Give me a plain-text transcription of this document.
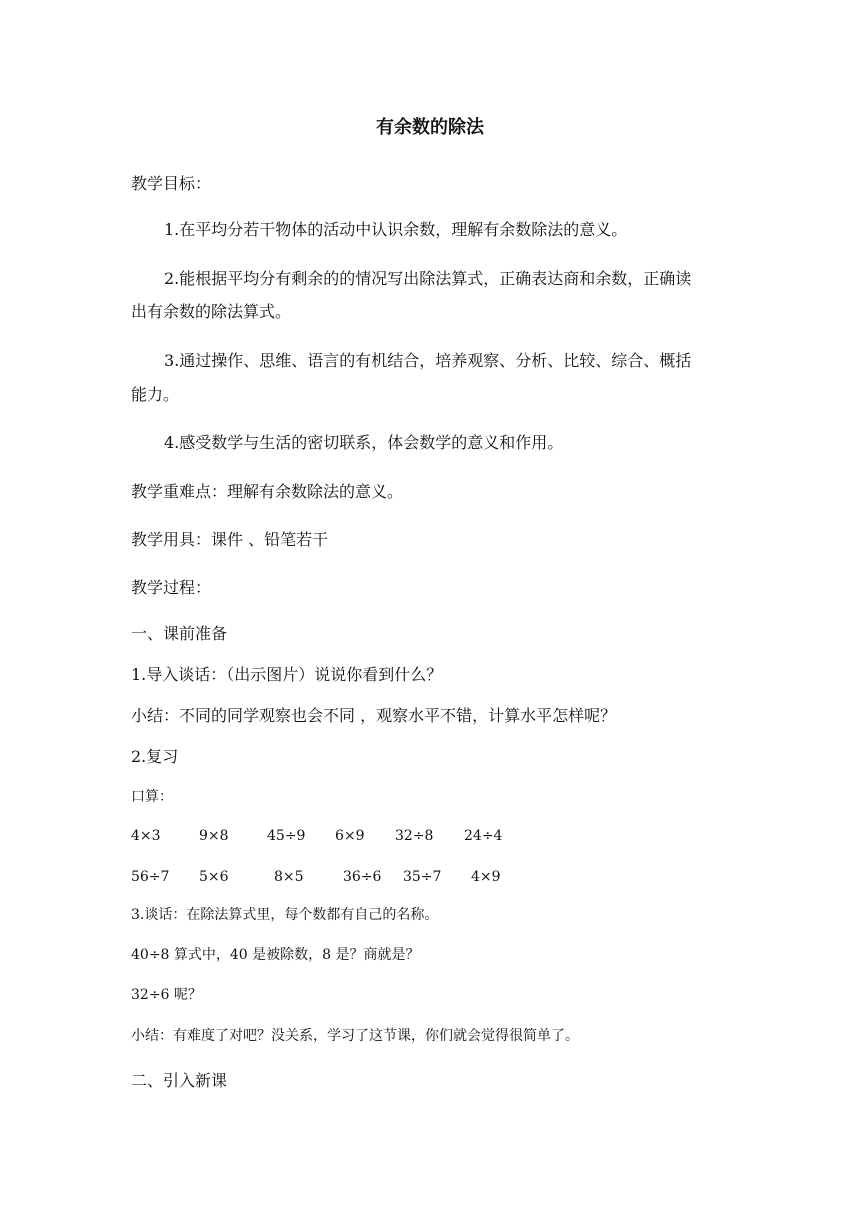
有余数的除法
教学目标：
1.在平均分若干物体的活动中认识余数，理解有余数除法的意义。
2.能根据平均分有剩余的的情况写出除法算式，正确表达商和余数，正确读
出有余数的除法算式。
3.通过操作、思维、语言的有机结合，培养观察、分析、比较、综合、概括
能力。
4.感受数学与生活的密切联系，体会数学的意义和作用。
教学重难点：理解有余数除法的意义。
教学用具：课件 、铅笔若干
教学过程：
一、课前准备
1.导入谈话：（出示图片）说说你看到什么？
小结：不同的同学观察也会不同 ，观察水平不错，计算水平怎样呢？
2.复习
口算：
4×3	9×8	45÷9 6×9 32÷8 24÷4
56÷7 5×6	8×5	36÷6 35÷7 4×9
3.谈话：在除法算式里，每个数都有自己的名称。
40÷8 算式中，40 是被除数，8 是？商就是？
32÷6 呢？
小结：有难度了对吧？没关系，学习了这节课，你们就会觉得很简单了。
二、引入新课
